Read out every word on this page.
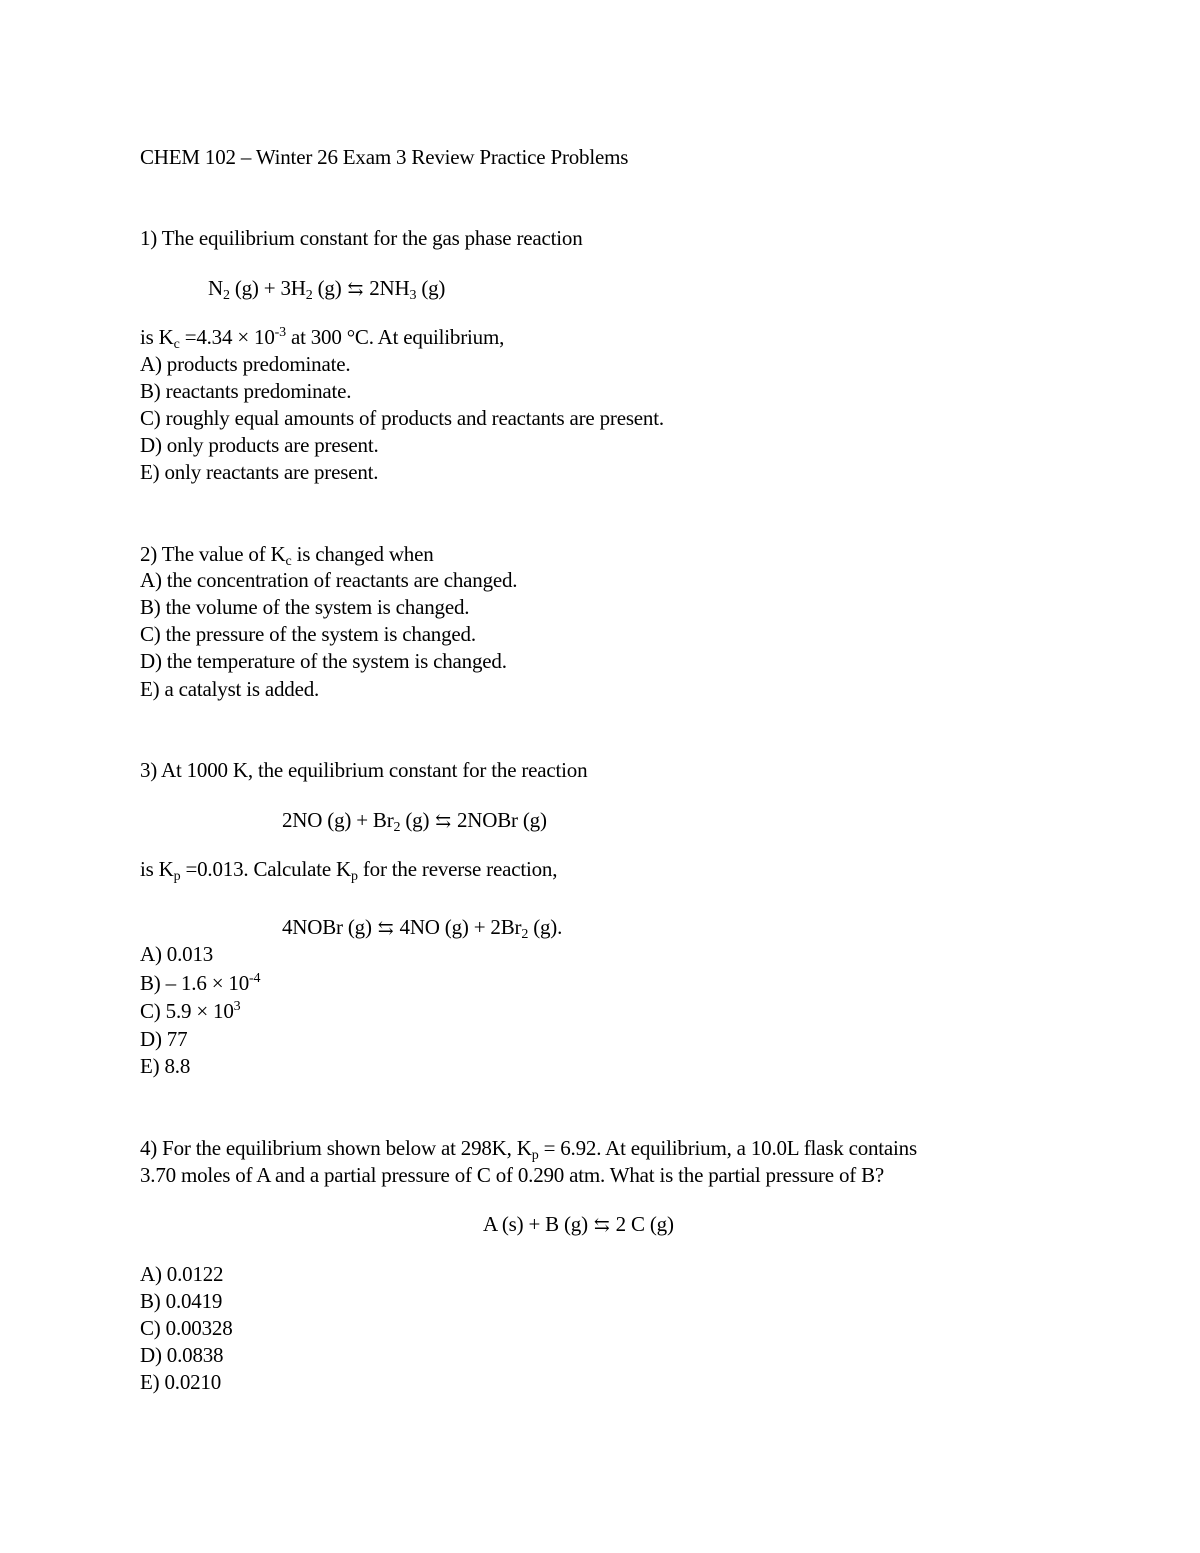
CHEM 102 – Winter 26 Exam 3 Review Practice Problems
1) The equilibrium constant for the gas phase reaction
$N_2$ $(g) + 3H_2$ (g) ⇆ $2NH_3$ (g)
is $K_c =4.34 \times 10^{-3}$ at 300 °C. At equilibrium,
A) products predominate.
B) reactants predominate.
C) roughly equal amounts of products and reactants are present.
D) only products are present.
E) only reactants are present.
2) The value of $K_c$ is changed when
A) the concentration of reactants are changed.
B) the volume of the system is changed.
C) the pressure of the system is changed.
D) the temperature of the system is changed.
E) a catalyst is added.
3) At 1000 K, the equilibrium constant for the reaction
2NO $(g) + Br_2$ (g) ⇆ 2NOBr (g)
is $K_p =0.013$. Calculate $K_p$ for the reverse reaction,
4NOBr (g) ⇆ 4NO $(g) + 2Br_2$ (g).
A) 0.013
$B) - 1.6 \times 10^{-4}$
C) $5.9 \times 10^3$
D) 77
E) 8.8
4) For the equilibrium shown below at 298K, $K_p = 6.92$. At equilibrium, a 10.0L flask contains
3.70 moles of A and a partial pressure of C of 0.290 atm. What is the partial pressure of B?
A (s) + B (g) ⇆ 2 C (g)
A) 0.0122
B) 0.0419
C) 0.00328
D) 0.0838
E) 0.0210
